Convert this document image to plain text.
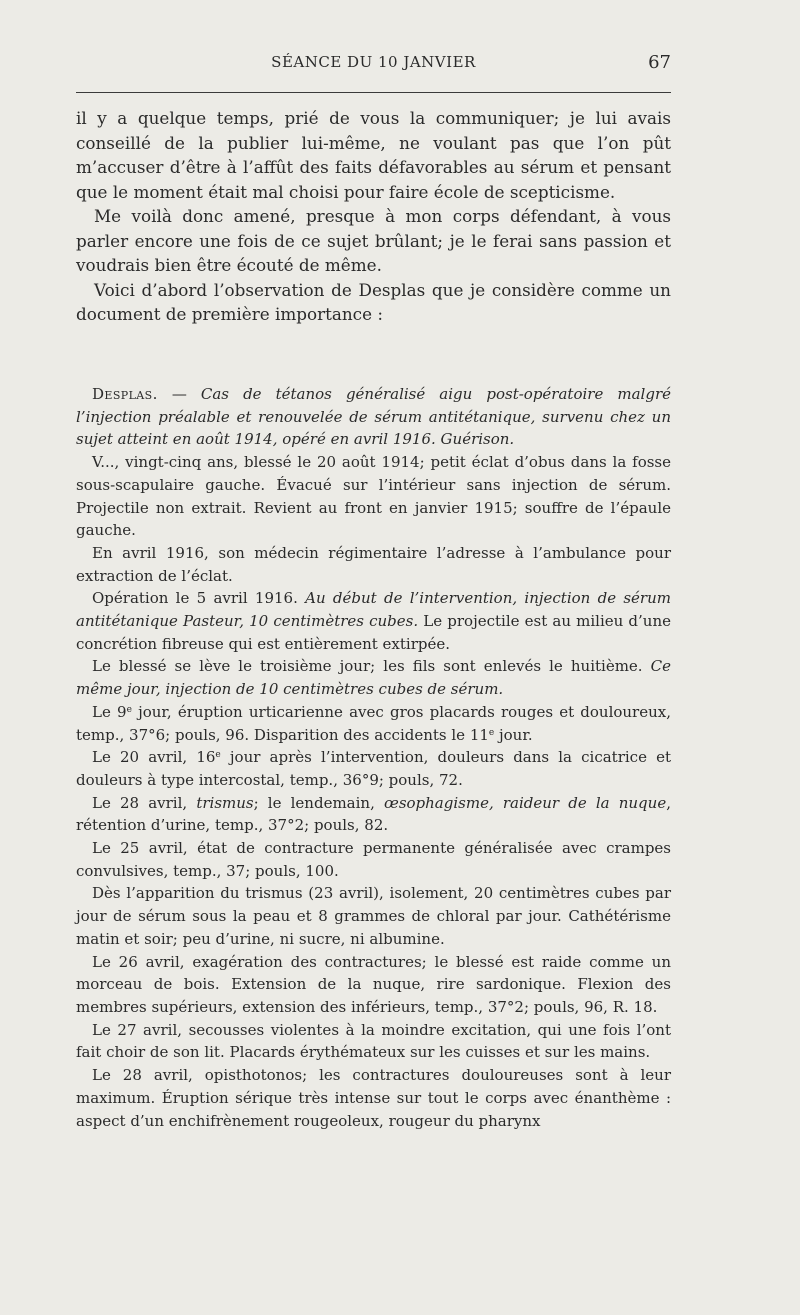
SÉANCE DU 10 JANVIER	67

il y a quelque temps, prié de vous la communiquer; je lui avais conseillé de la publier lui-même, ne voulant pas que l’on pût m’accuser d’être à l’affût des faits défavorables au sérum et pensant que le moment était mal choisi pour faire école de scepticisme.

Me voilà donc amené, presque à mon corps défendant, à vous parler encore une fois de ce sujet brûlant; je le ferai sans passion et voudrais bien être écouté de même.

Voici d’abord l’observation de Desplas que je considère comme un document de première importance :

Desplas. — Cas de tétanos généralisé aigu post-opératoire malgré l’injection préalable et renouvelée de sérum antitétanique, survenu chez un sujet atteint en août 1914, opéré en avril 1916. Guérison.

V..., vingt-cinq ans, blessé le 20 août 1914; petit éclat d’obus dans la fosse sous-scapulaire gauche. Évacué sur l’intérieur sans injection de sérum. Projectile non extrait. Revient au front en janvier 1915; souffre de l’épaule gauche.

En avril 1916, son médecin régimentaire l’adresse à l’ambulance pour extraction de l’éclat.

Opération le 5 avril 1916. Au début de l’intervention, injection de sérum antitétanique Pasteur, 10 centimètres cubes. Le projectile est au milieu d’une concrétion fibreuse qui est entièrement extirpée.

Le blessé se lève le troisième jour; les fils sont enlevés le huitième. Ce même jour, injection de 10 centimètres cubes de sérum.

Le 9e jour, éruption urticarienne avec gros placards rouges et douloureux, temp., 37°6; pouls, 96. Disparition des accidents le 11e jour.

Le 20 avril, 16e jour après l’intervention, douleurs dans la cicatrice et douleurs à type intercostal, temp., 36°9; pouls, 72.

Le 28 avril, trismus; le lendemain, œsophagisme, raideur de la nuque, rétention d’urine, temp., 37°2; pouls, 82.

Le 25 avril, état de contracture permanente généralisée avec crampes convulsives, temp., 37; pouls, 100.

Dès l’apparition du trismus (23 avril), isolement, 20 centimètres cubes par jour de sérum sous la peau et 8 grammes de chloral par jour. Cathétérisme matin et soir; peu d’urine, ni sucre, ni albumine.

Le 26 avril, exagération des contractures; le blessé est raide comme un morceau de bois. Extension de la nuque, rire sardonique. Flexion des membres supérieurs, extension des inférieurs, temp., 37°2; pouls, 96, R. 18.

Le 27 avril, secousses violentes à la moindre excitation, qui une fois l’ont fait choir de son lit. Placards érythémateux sur les cuisses et sur les mains.

Le 28 avril, opisthotonos; les contractures douloureuses sont à leur maximum. Éruption sérique très intense sur tout le corps avec énanthème : aspect d’un enchifrènement rougeoleux, rougeur du pharynx
